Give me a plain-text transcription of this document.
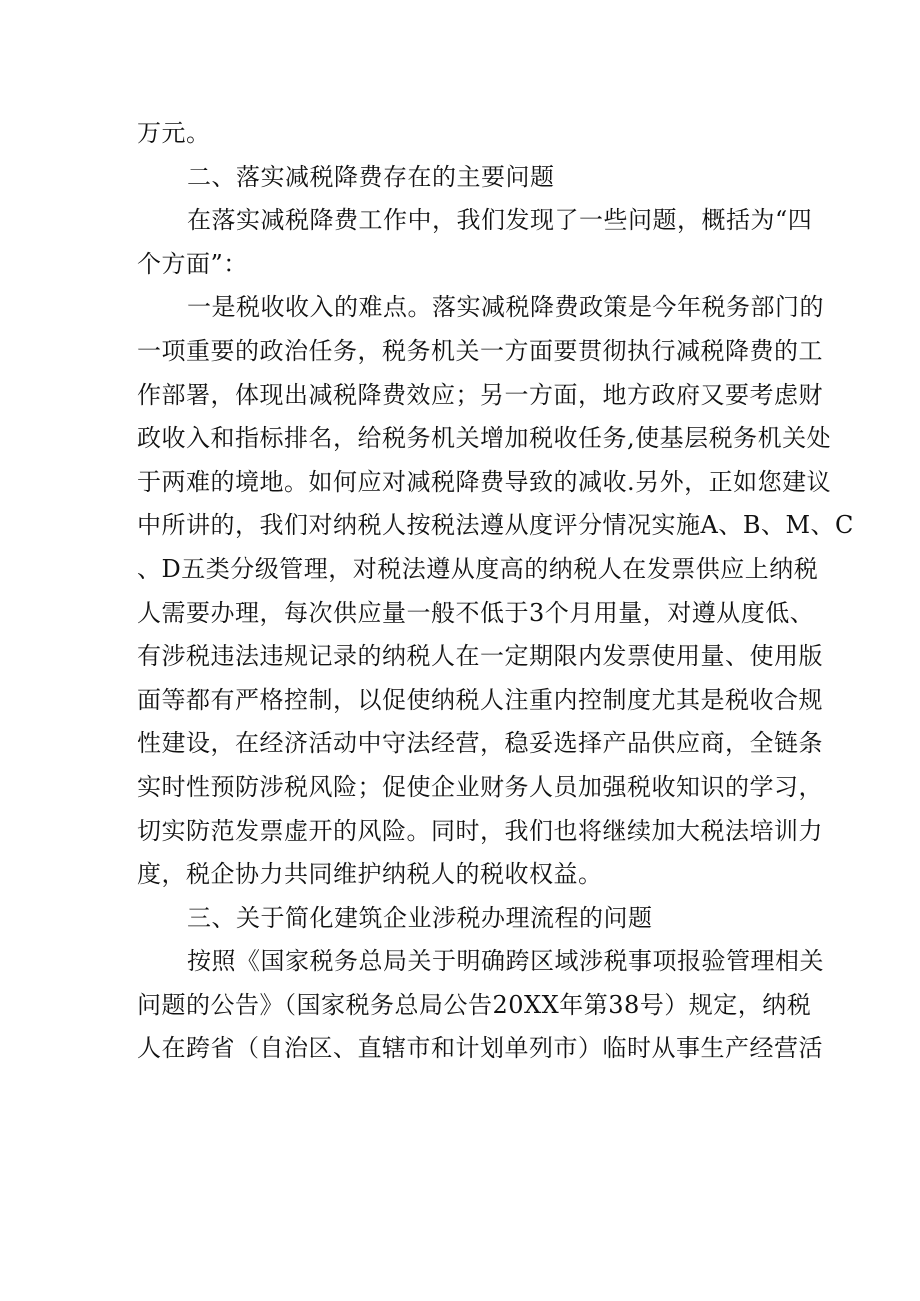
万元。
二、落实减税降费存在的主要问题
在落实减税降费工作中，我们发现了一些问题，概括为“四
个方面”：
一是税收收入的难点。落实减税降费政策是今年税务部门的
一项重要的政治任务，税务机关一方面要贯彻执行减税降费的工
作部署，体现出减税降费效应；另一方面，地方政府又要考虑财
政收入和指标排名，给税务机关增加税收任务,使基层税务机关处
于两难的境地。如何应对减税降费导致的减收.另外，正如您建议
中所讲的，我们对纳税人按税法遵从度评分情况实施A、B、M、C
、D五类分级管理，对税法遵从度高的纳税人在发票供应上纳税
人需要办理，每次供应量一般不低于3个月用量，对遵从度低、
有涉税违法违规记录的纳税人在一定期限内发票使用量、使用版
面等都有严格控制，以促使纳税人注重内控制度尤其是税收合规
性建设，在经济活动中守法经营，稳妥选择产品供应商，全链条
实时性预防涉税风险；促使企业财务人员加强税收知识的学习，
切实防范发票虚开的风险。同时，我们也将继续加大税法培训力
度，税企协力共同维护纳税人的税收权益。
三、关于简化建筑企业涉税办理流程的问题
按照《国家税务总局关于明确跨区域涉税事项报验管理相关
问题的公告》（国家税务总局公告20XX年第38号）规定，纳税
人在跨省（自治区、直辖市和计划单列市）临时从事生产经营活
